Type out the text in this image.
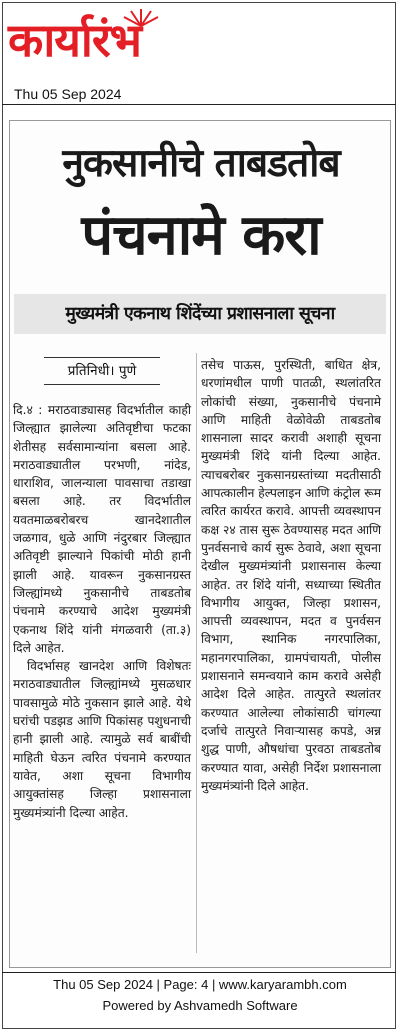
कार्यारंभ
Thu 05 Sep 2024
नुकसानीचे ताबडतोब
पंचनामे करा
मुख्यमंत्री एकनाथ शिंदेंच्या प्रशासनाला सूचना
प्रतिनिधी। पुणे

दि.४ : मराठवाड्यासह विदर्भातील काही जिल्ह्यात झालेल्या अतिवृष्टीचा फटका शेतीसह सर्वसामान्यांना बसला आहे. मराठवाड्यातील परभणी, नांदेड, धाराशिव, जालन्याला पावसाचा तडाखा बसला आहे. तर विदर्भातील यवतमाळबरोबरच खानदेशातील जळगाव, धुळे आणि नंदुरबार जिल्ह्यात अतिवृष्टी झाल्याने पिकांची मोठी हानी झाली आहे. यावरून नुकसानग्रस्त जिल्ह्यांमध्ये नुकसानीचे ताबडतोब पंचनामे करण्याचे आदेश मुख्यमंत्री एकनाथ शिंदे यांनी मंगळवारी (ता.३) दिले आहेत.

विदर्भासह खानदेश आणि विशेषतः मराठवाड्यातील जिल्ह्यांमध्ये मुसळधार पावसामुळे मोठे नुकसान झाले आहे. येथे घरांची पडझड आणि पिकांसह पशुधनाची हानी झाली आहे. त्यामुळे सर्व बाबींची माहिती घेऊन त्वरित पंचनामे करण्यात यावेत, अशा सूचना विभागीय आयुक्तांसह जिल्हा प्रशासनाला मुख्यमंत्र्यांनी दिल्या आहेत.

तसेच पाऊस, पुरस्थिती, बाधित क्षेत्र, धरणांमधील पाणी पातळी, स्थलांतरित लोकांची संख्या, नुकसानीचे पंचनामे आणि माहिती वेळोवेळी ताबडतोब शासनाला सादर करावी अशाही सूचना मुख्यमंत्री शिंदे यांनी दिल्या आहेत. त्याचबरोबर नुकसानग्रस्तांच्या मदतीसाठी आपत्कालीन हेल्पलाइन आणि कंट्रोल रूम त्वरित कार्यरत करावे. आपत्ती व्यवस्थापन कक्ष २४ तास सुरू ठेवण्यासह मदत आणि पुनर्वसनाचे कार्य सुरू ठेवावे, अशा सूचना देखील मुख्यमंत्र्यांनी प्रशासनास केल्या आहेत. तर शिंदे यांनी, सध्याच्या स्थितीत विभागीय आयुक्त, जिल्हा प्रशासन, आपत्ती व्यवस्थापन, मदत व पुनर्वसन विभाग, स्थानिक नगरपालिका, महानगरपालिका, ग्रामपंचायती, पोलीस प्रशासनाने समन्वयाने काम करावे असेही आदेश दिले आहेत. तात्पुरते स्थलांतर करण्यात आलेल्या लोकांसाठी चांगल्या दर्जाचे तात्पुरते निवाऱ्यासह कपडे, अन्न शुद्ध पाणी, औषधांचा पुरवठा ताबडतोब करण्यात यावा, असेही निर्देश प्रशासनाला मुख्यमंत्र्यांनी दिले आहेत.

Thu 05 Sep 2024 | Page: 4 | www.karyarambh.com
Powered by Ashvamedh Software
